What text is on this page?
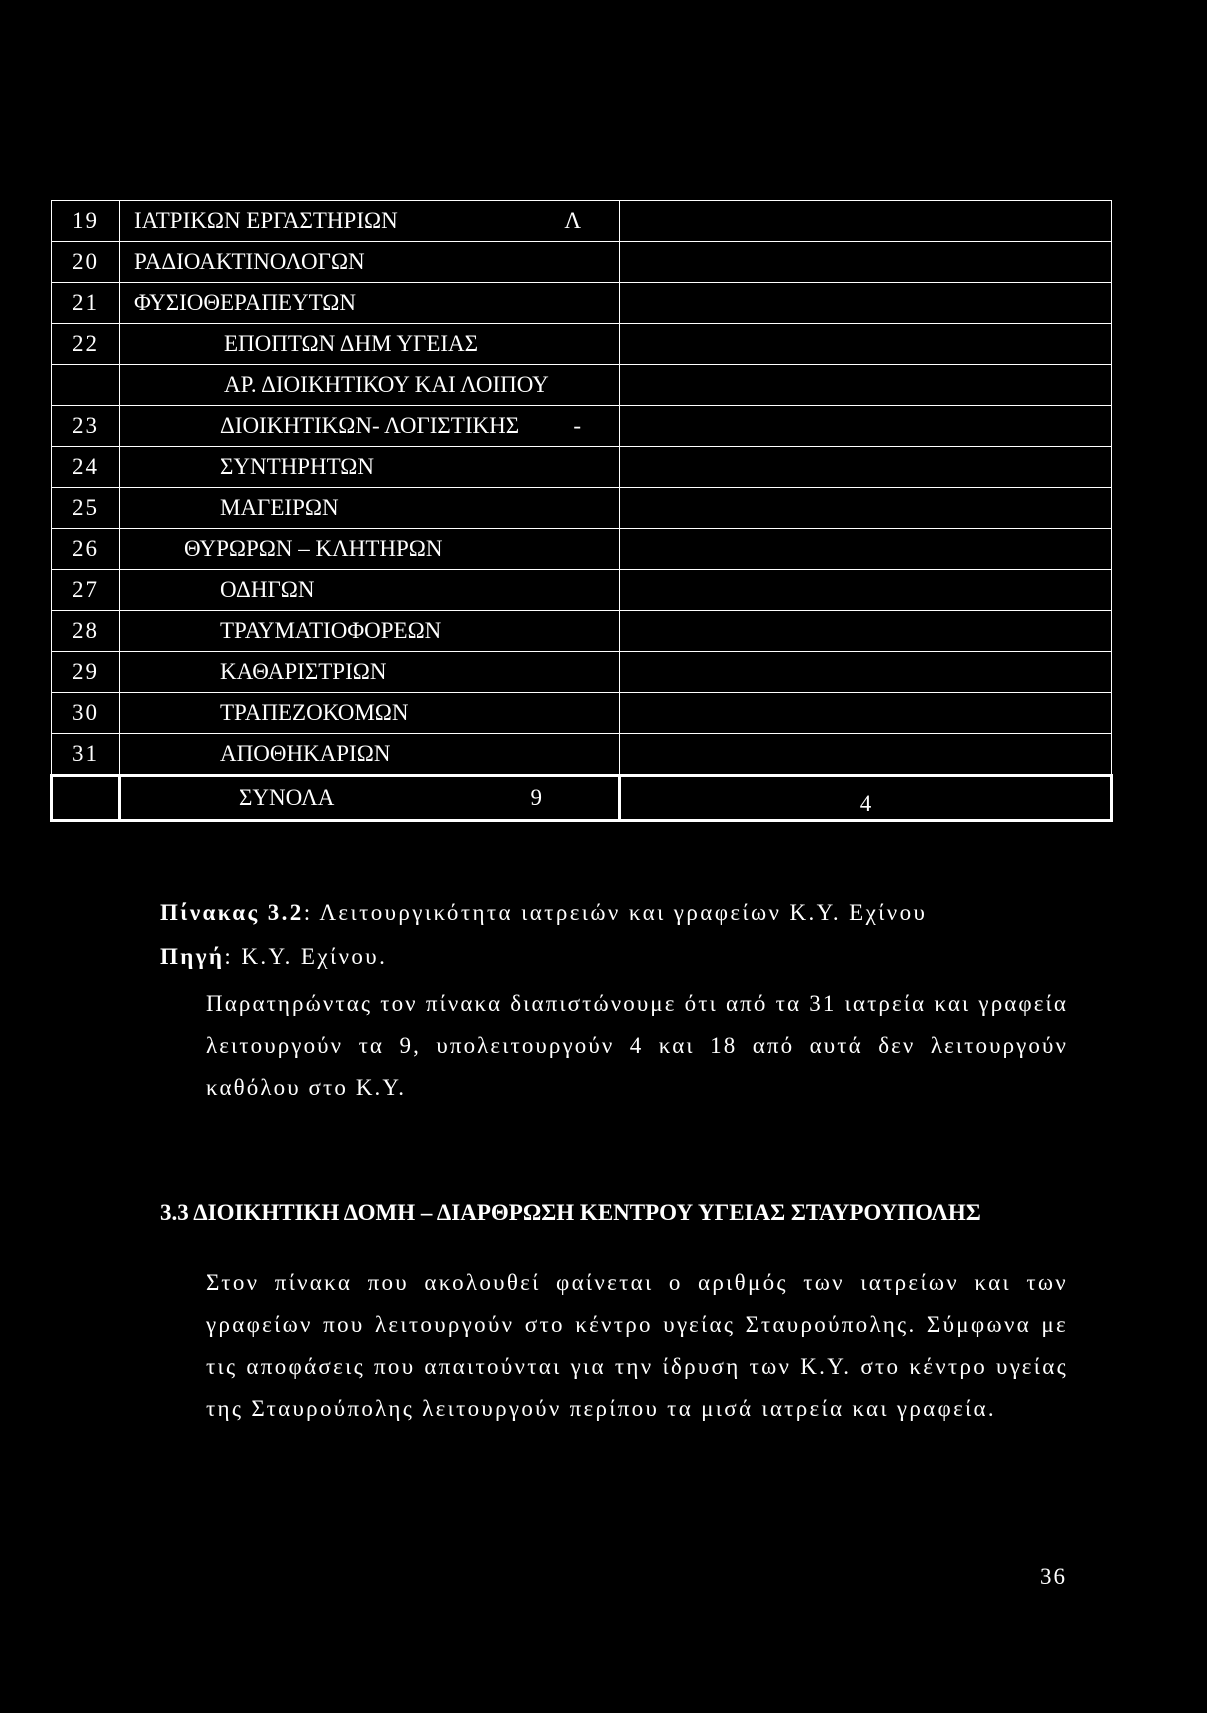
19	ΙΑΤΡΙΚΩΝ ΕΡΓΑΣΤΗΡΙΩΝ Λ	

20	ΡΑΔΙΟΑΚΤΙΝΟΛΟΓΩΝ	

21	ΦΥΣΙΟΘΕΡΑΠΕΥΤΩΝ	

22	ΕΠΟΠΤΩΝ ΔΗΜ ΥΓΕΙΑΣ	

	ΑΡ. ΔΙΟΙΚΗΤΙΚΟΥ ΚΑΙ ΛΟΙΠΟΥ	

23	ΔΙΟΙΚΗΤΙΚΩΝ- ΛΟΓΙΣΤΙΚΗΣ -	

24	ΣΥΝΤΗΡΗΤΩΝ	

25	ΜΑΓΕΙΡΩΝ	

26	ΘΥΡΩΡΩΝ – ΚΛΗΤΗΡΩΝ	

27	ΟΔΗΓΩΝ	

28	ΤΡΑΥΜΑΤΙΟΦΟΡΕΩΝ	

29	ΚΑΘΑΡΙΣΤΡΙΩΝ	

30	ΤΡΑΠΕΖΟΚΟΜΩΝ	

31	ΑΠΟΘΗΚΑΡΙΩΝ	

	ΣΥΝΟΛΑ 9	4
Πίνακας 3.2: Λειτουργικότητα ιατρειών και γραφείων Κ.Υ. Εχίνου
Πηγή: Κ.Υ. Εχίνου.

Παρατηρώντας τον πίνακα διαπιστώνουμε ότι από τα 31 ιατρεία και γραφεία λειτουργούν τα 9, υπολειτουργούν 4 και 18 από αυτά δεν λειτουργούν καθόλου στο Κ.Υ.

3.3 ΔΙΟΙΚΗΤΙΚΗ ΔΟΜΗ – ΔΙΑΡΘΡΩΣΗ ΚΕΝΤΡΟΥ ΥΓΕΙΑΣ ΣΤΑΥΡΟΥΠΟΛΗΣ

Στον πίνακα που ακολουθεί φαίνεται ο αριθμός των ιατρείων και των γραφείων που λειτουργούν στο κέντρο υγείας Σταυρούπολης. Σύμφωνα με τις αποφάσεις που απαιτούνται για την ίδρυση των Κ.Υ. στο κέντρο υγείας της Σταυρούπολης λειτουργούν περίπου τα μισά ιατρεία και γραφεία.

36
